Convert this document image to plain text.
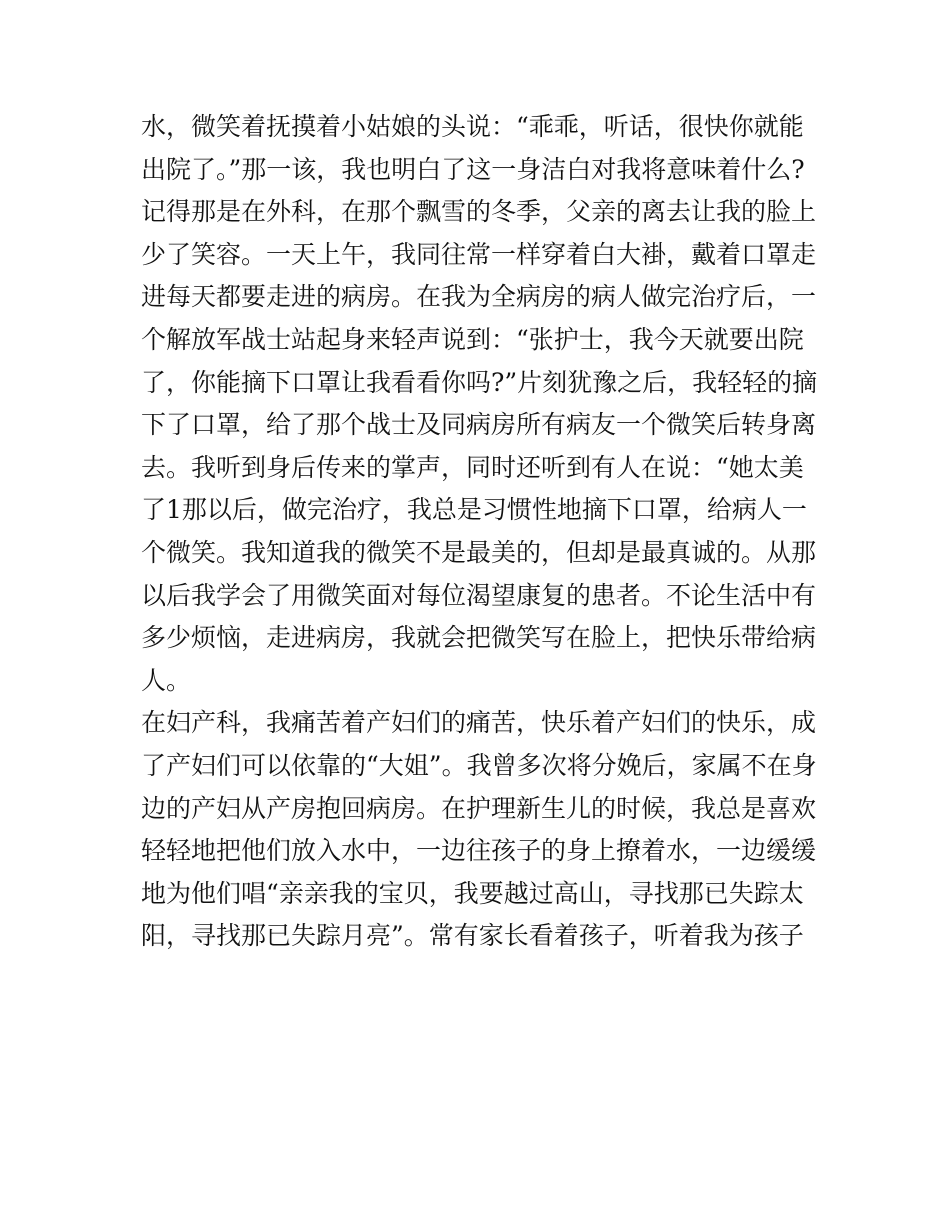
水，微笑着抚摸着小姑娘的头说：“乖乖，听话，很快你就能
出院了。”那一该，我也明白了这一身洁白对我将意味着什么?
记得那是在外科，在那个飘雪的冬季，父亲的离去让我的脸上
少了笑容。一天上午，我同往常一样穿着白大褂，戴着口罩走
进每天都要走进的病房。在我为全病房的病人做完治疗后，一
个解放军战士站起身来轻声说到：“张护士，我今天就要出院
了，你能摘下口罩让我看看你吗?”片刻犹豫之后，我轻轻的摘
下了口罩，给了那个战士及同病房所有病友一个微笑后转身离
去。我听到身后传来的掌声，同时还听到有人在说：“她太美
了1那以后，做完治疗，我总是习惯性地摘下口罩，给病人一
个微笑。我知道我的微笑不是最美的，但却是最真诚的。从那
以后我学会了用微笑面对每位渴望康复的患者。不论生活中有
多少烦恼，走进病房，我就会把微笑写在脸上，把快乐带给病
人。
在妇产科，我痛苦着产妇们的痛苦，快乐着产妇们的快乐，成
了产妇们可以依靠的“大姐”。我曾多次将分娩后，家属不在身
边的产妇从产房抱回病房。在护理新生儿的时候，我总是喜欢
轻轻地把他们放入水中，一边往孩子的身上撩着水，一边缓缓
地为他们唱“亲亲我的宝贝，我要越过高山，寻找那已失踪太
阳，寻找那已失踪月亮”。常有家长看着孩子，听着我为孩子
